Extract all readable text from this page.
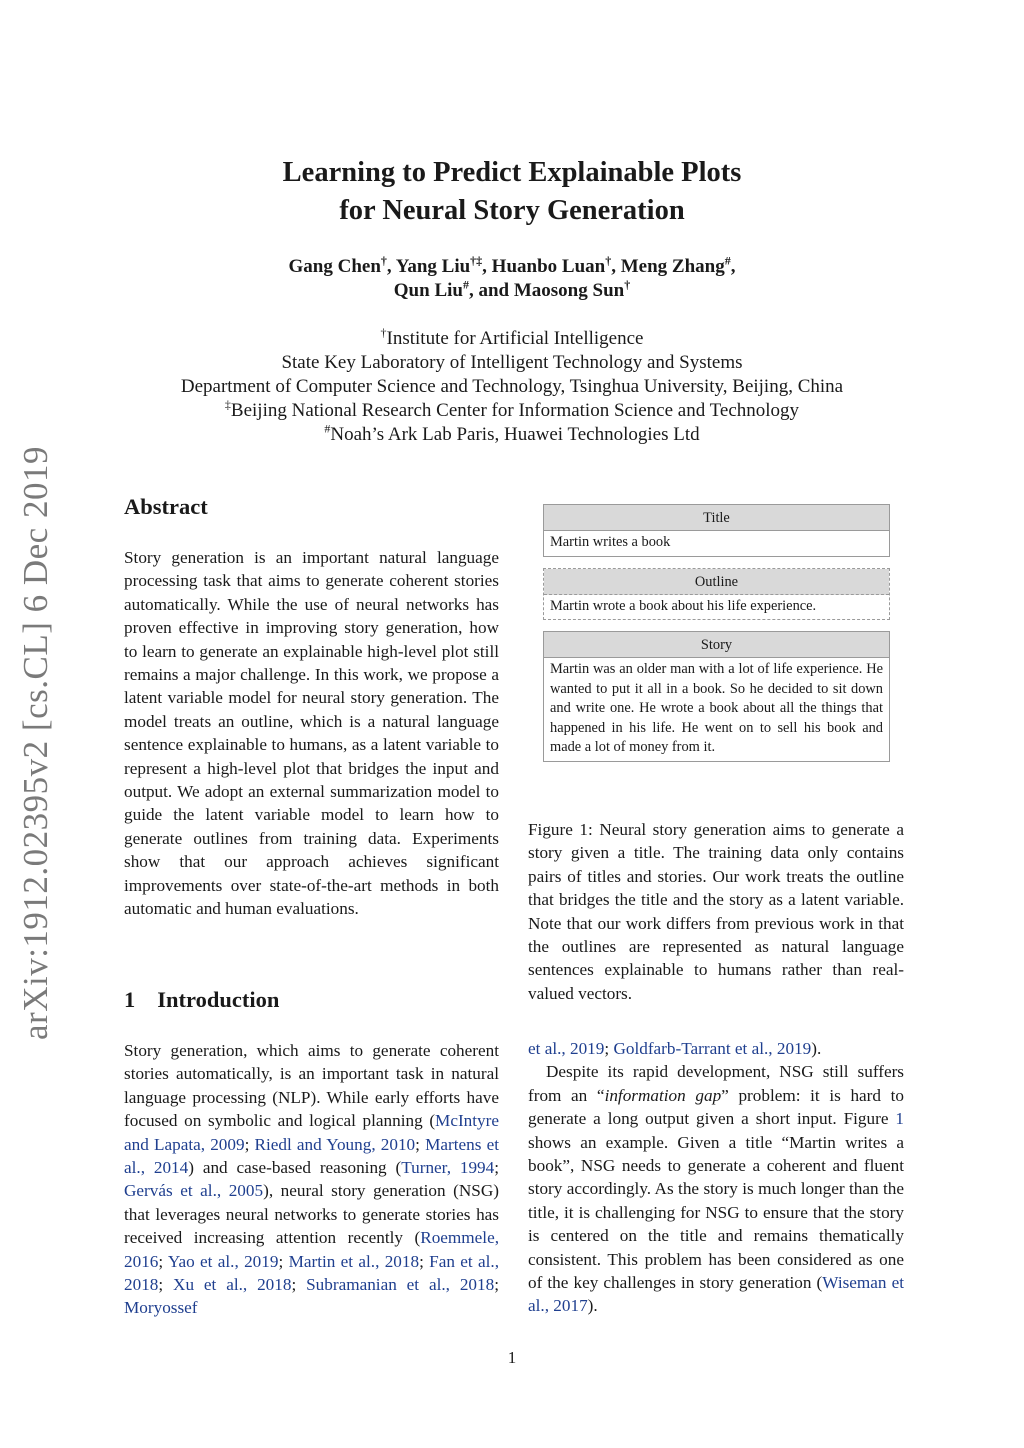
Learning to Predict Explainable Plots
for Neural Story Generation
Gang Chen†, Yang Liu†‡, Huanbo Luan†, Meng Zhang#,
Qun Liu#, and Maosong Sun†
†Institute for Artificial Intelligence
State Key Laboratory of Intelligent Technology and Systems
Department of Computer Science and Technology, Tsinghua University, Beijing, China
‡Beijing National Research Center for Information Science and Technology
#Noah’s Ark Lab Paris, Huawei Technologies Ltd
arXiv:1912.02395v2 [cs.CL] 6 Dec 2019	Abstract

Story generation is an important natural language processing task that aims to generate coherent stories automatically. While the use of neural networks has proven effective in improving story generation, how to learn to generate an explainable high-level plot still remains a major challenge. In this work, we propose a latent variable model for neural story generation. The model treats an outline, which is a natural language sentence explainable to humans, as a latent variable to represent a high-level plot that bridges the input and output. We adopt an external summarization model to guide the latent variable model to learn how to generate outlines from training data. Experiments show that our approach achieves significant improvements over state-of-the-art methods in both automatic and human evaluations.

1 Introduction

Story generation, which aims to generate coherent stories automatically, is an important task in natural language processing (NLP). While early efforts have focused on symbolic and logical planning (McIntyre and Lapata, 2009; Riedl and Young, 2010; Martens et al., 2014) and case-based reasoning (Turner, 1994; Gervás et al., 2005), neural story generation (NSG) that leverages neural networks to generate stories has received increasing attention recently (Roemmele, 2016; Yao et al., 2019; Martin et al., 2018; Fan et al., 2018; Xu et al., 2018; Subramanian et al., 2018; Moryossef

Title
Martin writes a book
Outline
Martin wrote a book about his life experience.
Story
Martin was an older man with a lot of life experience. He wanted to put it all in a book. So he decided to sit down and write one. He wrote a book about all the things that happened in his life. He went on to sell his book and made a lot of money from it.

Figure 1: Neural story generation aims to generate a story given a title. The training data only contains pairs of titles and stories. Our work treats the outline that bridges the title and the story as a latent variable. Note that our work differs from previous work in that the outlines are represented as natural language sentences explainable to humans rather than real-valued vectors.

et al., 2019; Goldfarb-Tarrant et al., 2019).

Despite its rapid development, NSG still suffers from an “information gap” problem: it is hard to generate a long output given a short input. Figure 1 shows an example. Given a title “Martin writes a book”, NSG needs to generate a coherent and fluent story accordingly. As the story is much longer than the title, it is challenging for NSG to ensure that the story is centered on the title and remains thematically consistent. This problem has been considered as one of the key challenges in story generation (Wiseman et al., 2017).

1
